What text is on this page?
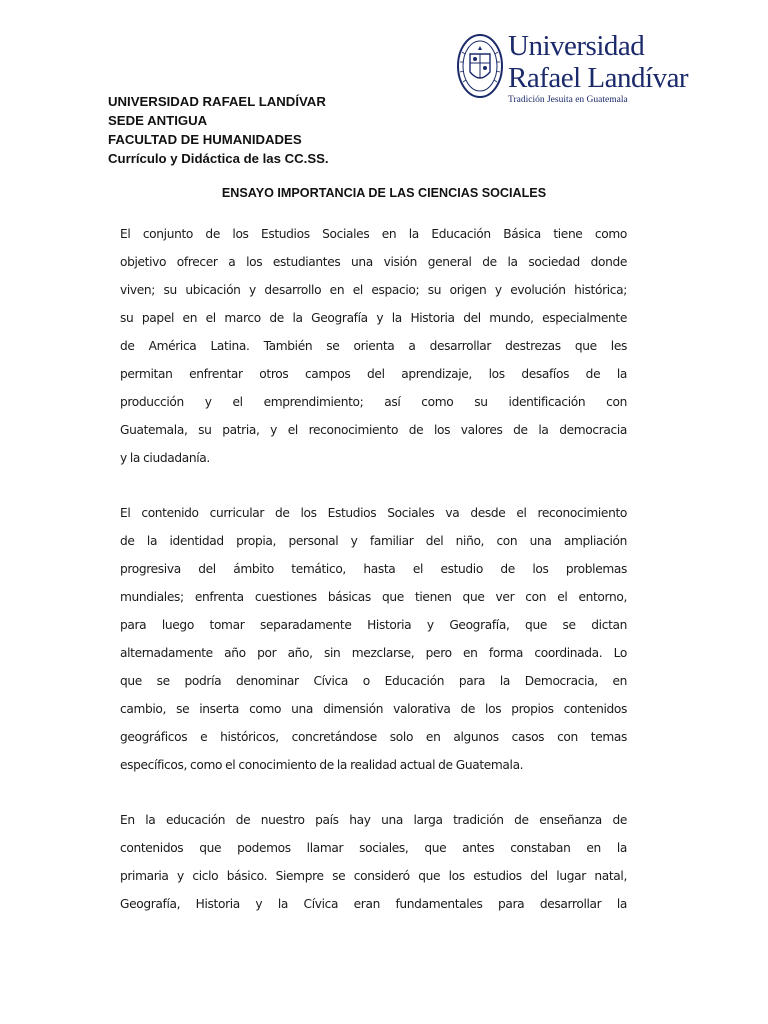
Universidad
Rafael Landívar
Tradición Jesuita en Guatemala
UNIVERSIDAD RAFAEL LANDÍVAR
SEDE ANTIGUA
FACULTAD DE HUMANIDADES
Currículo y Didáctica de las CC.SS.
ENSAYO IMPORTANCIA DE LAS CIENCIAS SOCIALES
El conjunto de los Estudios Sociales en la Educación Básica tiene como
objetivo ofrecer a los estudiantes una visión general de la sociedad donde
viven; su ubicación y desarrollo en el espacio; su origen y evolución histórica;
su papel en el marco de la Geografía y la Historia del mundo, especialmente
de América Latina. También se orienta a desarrollar destrezas que les
permitan enfrentar otros campos del aprendizaje, los desafíos de la
producción y el emprendimiento; así como su identificación con
Guatemala, su patria, y el reconocimiento de los valores de la democracia
y la ciudadanía.
El contenido curricular de los Estudios Sociales va desde el reconocimiento
de la identidad propia, personal y familiar del niño, con una ampliación
progresiva del ámbito temático, hasta el estudio de los problemas
mundiales; enfrenta cuestiones básicas que tienen que ver con el entorno,
para luego tomar separadamente Historia y Geografía, que se dictan
alternadamente año por año, sin mezclarse, pero en forma coordinada. Lo
que se podría denominar Cívica o Educación para la Democracia, en
cambio, se inserta como una dimensión valorativa de los propios contenidos
geográficos e históricos, concretándose solo en algunos casos con temas
específicos, como el conocimiento de la realidad actual de Guatemala.
En la educación de nuestro país hay una larga tradición de enseñanza de
contenidos que podemos llamar sociales, que antes constaban en la
primaria y ciclo básico. Siempre se consideró que los estudios del lugar natal,
Geografía, Historia y la Cívica eran fundamentales para desarrollar la
